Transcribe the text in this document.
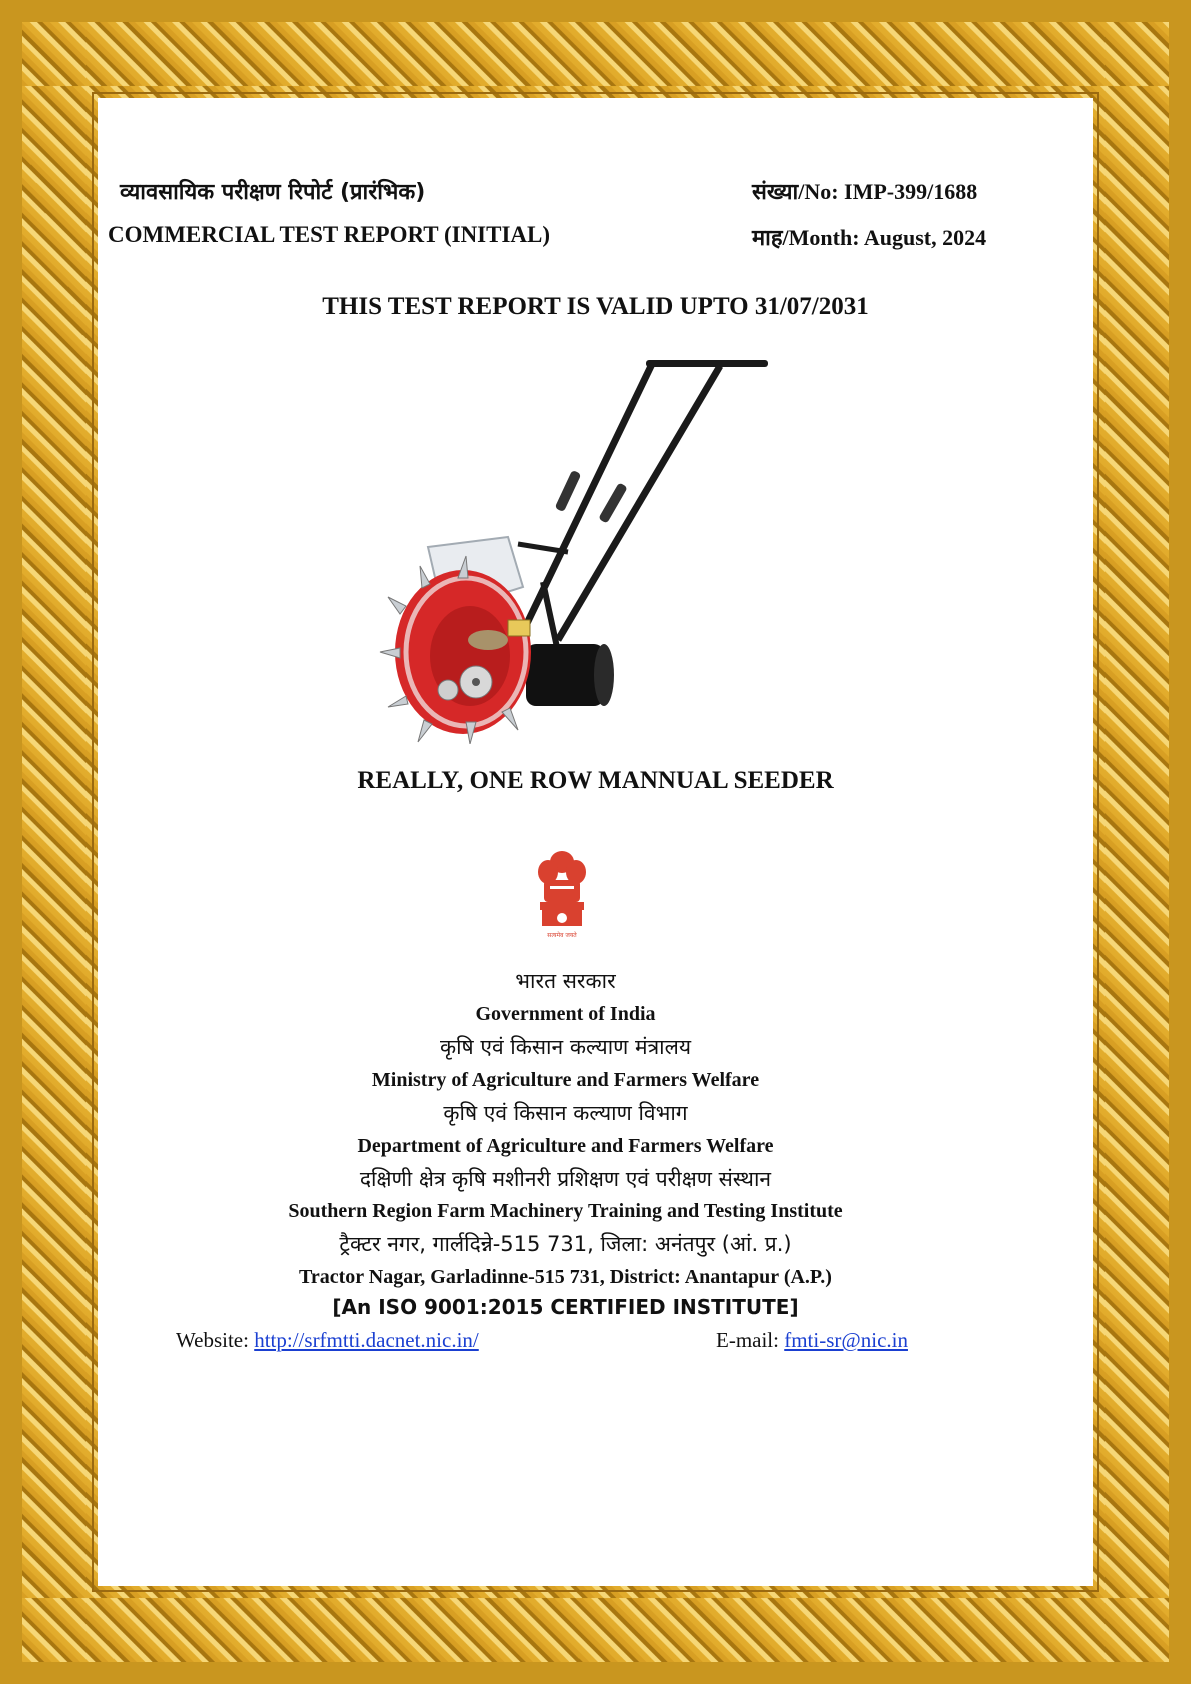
व्यावसायिक परीक्षण रिपोर्ट (प्रारंभिक)
COMMERCIAL TEST REPORT (INITIAL)
संख्या/No: IMP-399/1688
माह/Month: August, 2024
THIS TEST REPORT IS VALID UPTO 31/07/2031
REALLY, ONE ROW MANNUAL SEEDER
सत्यमेव जयते
भारत सरकार
Government of India
कृषि एवं किसान कल्याण मंत्रालय
Ministry of Agriculture and Farmers Welfare
कृषि एवं किसान कल्याण विभाग
Department of Agriculture and Farmers Welfare
दक्षिणी क्षेत्र कृषि मशीनरी प्रशिक्षण एवं परीक्षण संस्थान
Southern Region Farm Machinery Training and Testing Institute
ट्रैक्टर नगर, गार्लदिन्ने-515 731, जिला: अनंतपुर (आं. प्र.)
Tractor Nagar, Garladinne-515 731, District: Anantapur (A.P.)
[An ISO 9001:2015 CERTIFIED INSTITUTE]
Website: http://srfmtti.dacnet.nic.in/	E-mail: fmti-sr@nic.in
